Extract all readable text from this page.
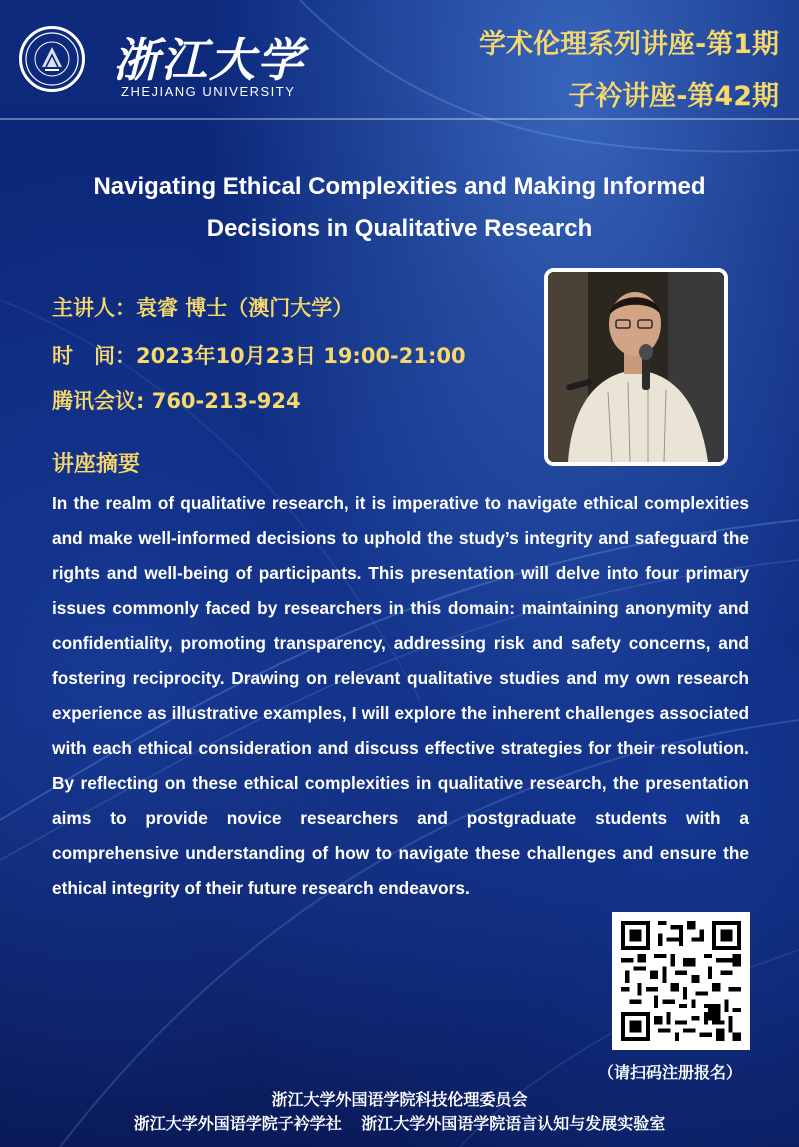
浙江大学
ZHEJIANG UNIVERSITY
学术伦理系列讲座-第1期
子衿讲座-第42期
Navigating Ethical Complexities and Making Informed Decisions in Qualitative Research
主讲人：袁睿 博士（澳门大学）
时　间：2023年10月23日 19:00-21:00
腾讯会议: 760-213-924
讲座摘要

In the realm of qualitative research, it is imperative to navigate ethical complexities and make well-informed decisions to uphold the study’s integrity and safeguard the rights and well-being of participants. This presentation will delve into four primary issues commonly faced by researchers in this domain: maintaining anonymity and confidentiality, promoting transparency, addressing risk and safety concerns, and fostering reciprocity. Drawing on relevant qualitative studies and my own research experience as illustrative examples, I will explore the inherent challenges associated with each ethical consideration and discuss effective strategies for their resolution. By reflecting on these ethical complexities in qualitative research, the presentation aims to provide novice researchers and postgraduate students with a comprehensive understanding of how to navigate these challenges and ensure the ethical integrity of their future research endeavors.

（请扫码注册报名）
浙江大学外国语学院科技伦理委员会
浙江大学外国语学院子衿学社 浙江大学外国语学院语言认知与发展实验室
